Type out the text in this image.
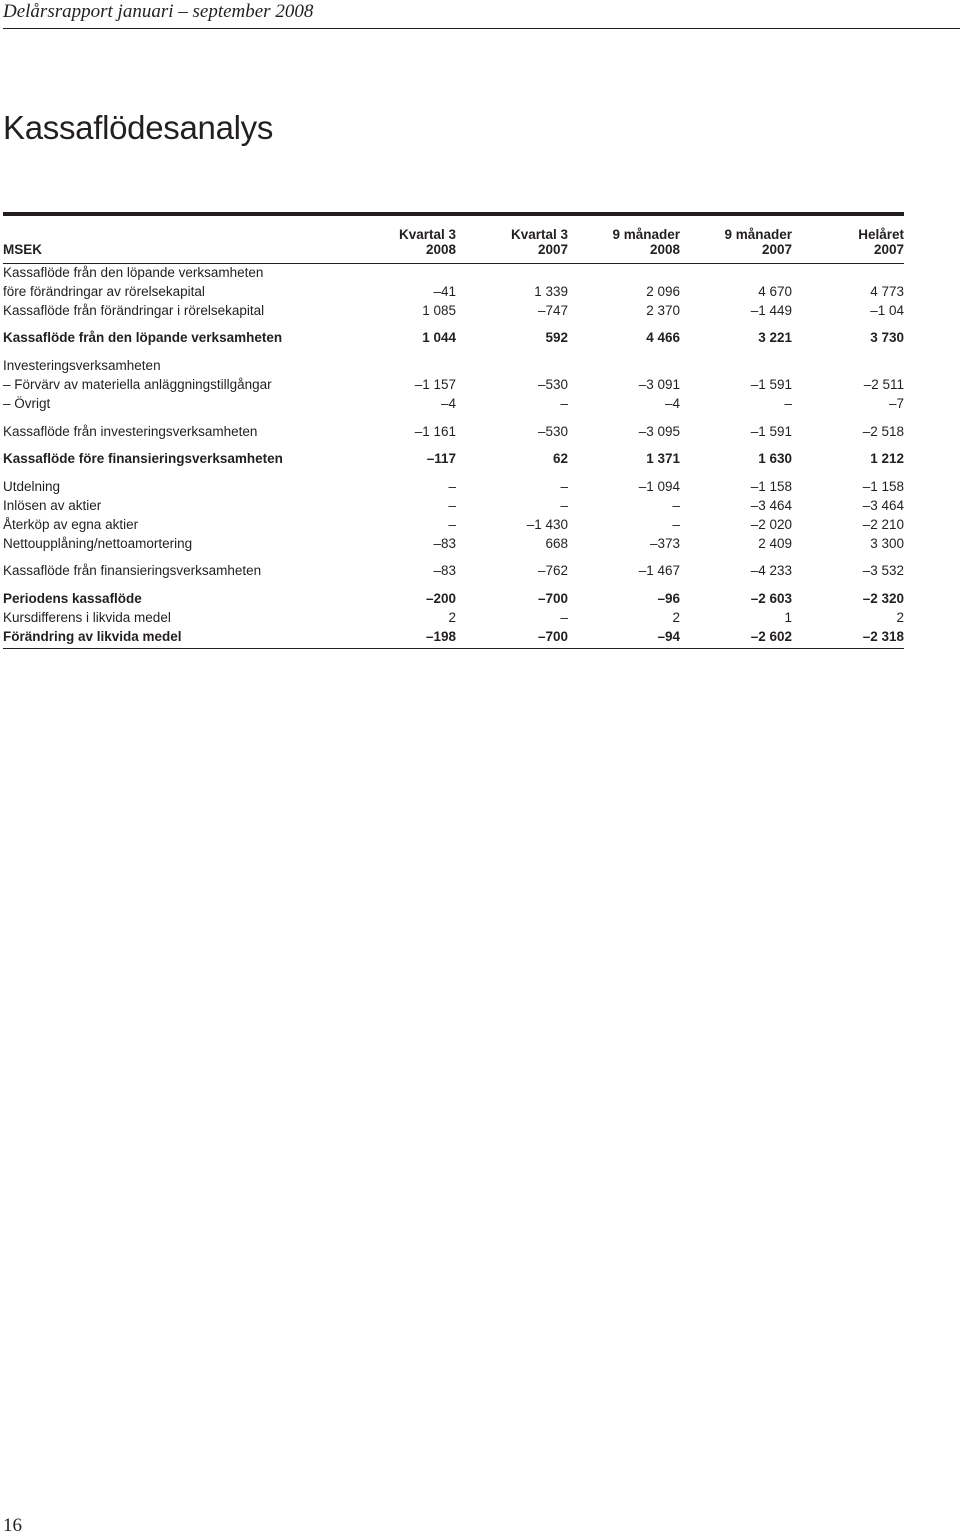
Delårsrapport januari – september 2008
Kassaflödesanalys
	Kvartal 3	Kvartal 3	9 månader	9 månader	Helåret
MSEK	2008	2007	2008	2007	2007
Kassaflöde från den löpande verksamheten					
före förändringar av rörelsekapital	–41	1 339	2 096	4 670	4 773
Kassaflöde från förändringar i rörelsekapital	1 085	–747	2 370	–1 449	–1 04
Kassaflöde från den löpande verksamheten	1 044	592	4 466	3 221	3 730
Investeringsverksamheten					
– Förvärv av materiella anläggningstillgångar	–1 157	–530	–3 091	–1 591	–2 511
– Övrigt	–4	–	–4	–	–7
Kassaflöde från investeringsverksamheten	–1 161	–530	–3 095	–1 591	–2 518
Kassaflöde före finansieringsverksamheten	–117	62	1 371	1 630	1 212
Utdelning	–	–	–1 094	–1 158	–1 158
Inlösen av aktier	–	–	–	–3 464	–3 464
Återköp av egna aktier	–	–1 430	–	–2 020	–2 210
Nettoupplåning/nettoamortering	–83	668	–373	2 409	3 300
Kassaflöde från finansieringsverksamheten	–83	–762	–1 467	–4 233	–3 532
Periodens kassaflöde	–200	–700	–96	–2 603	–2 320
Kursdifferens i likvida medel	2	–	2	1	2
Förändring av likvida medel	–198	–700	–94	–2 602	–2 318
16
